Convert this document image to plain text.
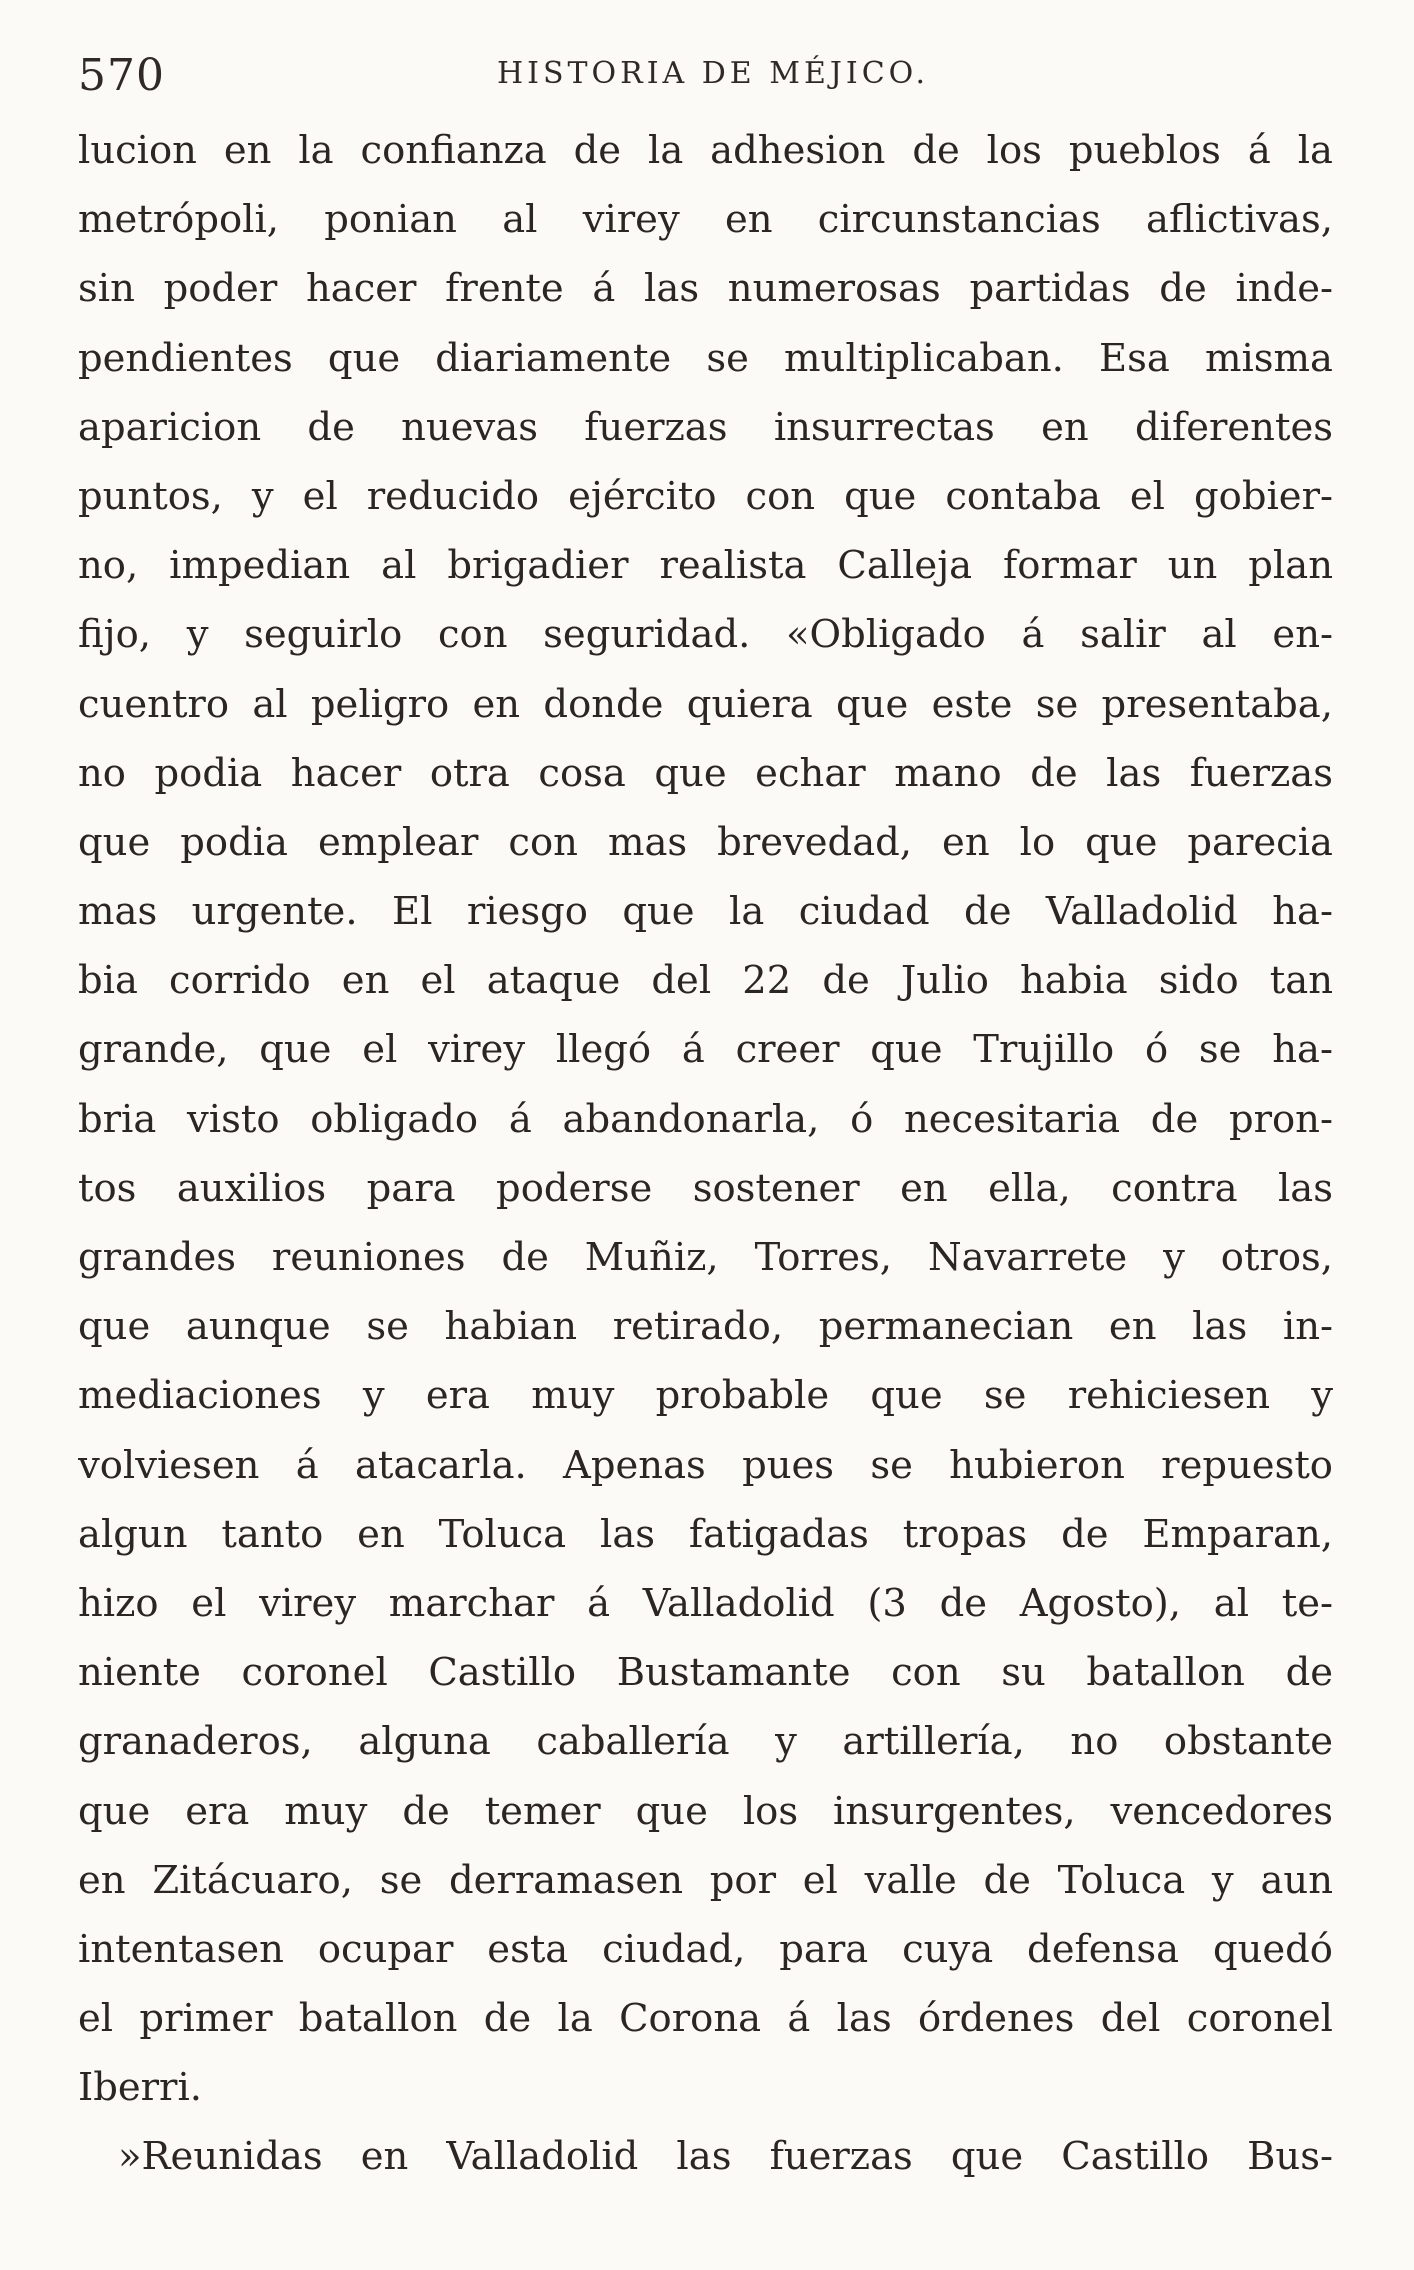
570	HISTORIA DE MÉJICO.
lucion en la confianza de la adhesion de los pueblos á la
metrópoli, ponian al virey en circunstancias aflictivas,
sin poder hacer frente á las numerosas partidas de inde-
pendientes que diariamente se multiplicaban. Esa misma
aparicion de nuevas fuerzas insurrectas en diferentes
puntos, y el reducido ejército con que contaba el gobier-
no, impedian al brigadier realista Calleja formar un plan
fijo, y seguirlo con seguridad. «Obligado á salir al en-
cuentro al peligro en donde quiera que este se presentaba,
no podia hacer otra cosa que echar mano de las fuerzas
que podia emplear con mas brevedad, en lo que parecia
mas urgente. El riesgo que la ciudad de Valladolid ha-
bia corrido en el ataque del 22 de Julio habia sido tan
grande, que el virey llegó á creer que Trujillo ó se ha-
bria visto obligado á abandonarla, ó necesitaria de pron-
tos auxilios para poderse sostener en ella, contra las
grandes reuniones de Muñiz, Torres, Navarrete y otros,
que aunque se habian retirado, permanecian en las in-
mediaciones y era muy probable que se rehiciesen y
volviesen á atacarla. Apenas pues se hubieron repuesto
algun tanto en Toluca las fatigadas tropas de Emparan,
hizo el virey marchar á Valladolid (3 de Agosto), al te-
niente coronel Castillo Bustamante con su batallon de
granaderos, alguna caballería y artillería, no obstante
que era muy de temer que los insurgentes, vencedores
en Zitácuaro, se derramasen por el valle de Toluca y aun
intentasen ocupar esta ciudad, para cuya defensa quedó
el primer batallon de la Corona á las órdenes del coronel
Iberri.
»Reunidas en Valladolid las fuerzas que Castillo Bus-
